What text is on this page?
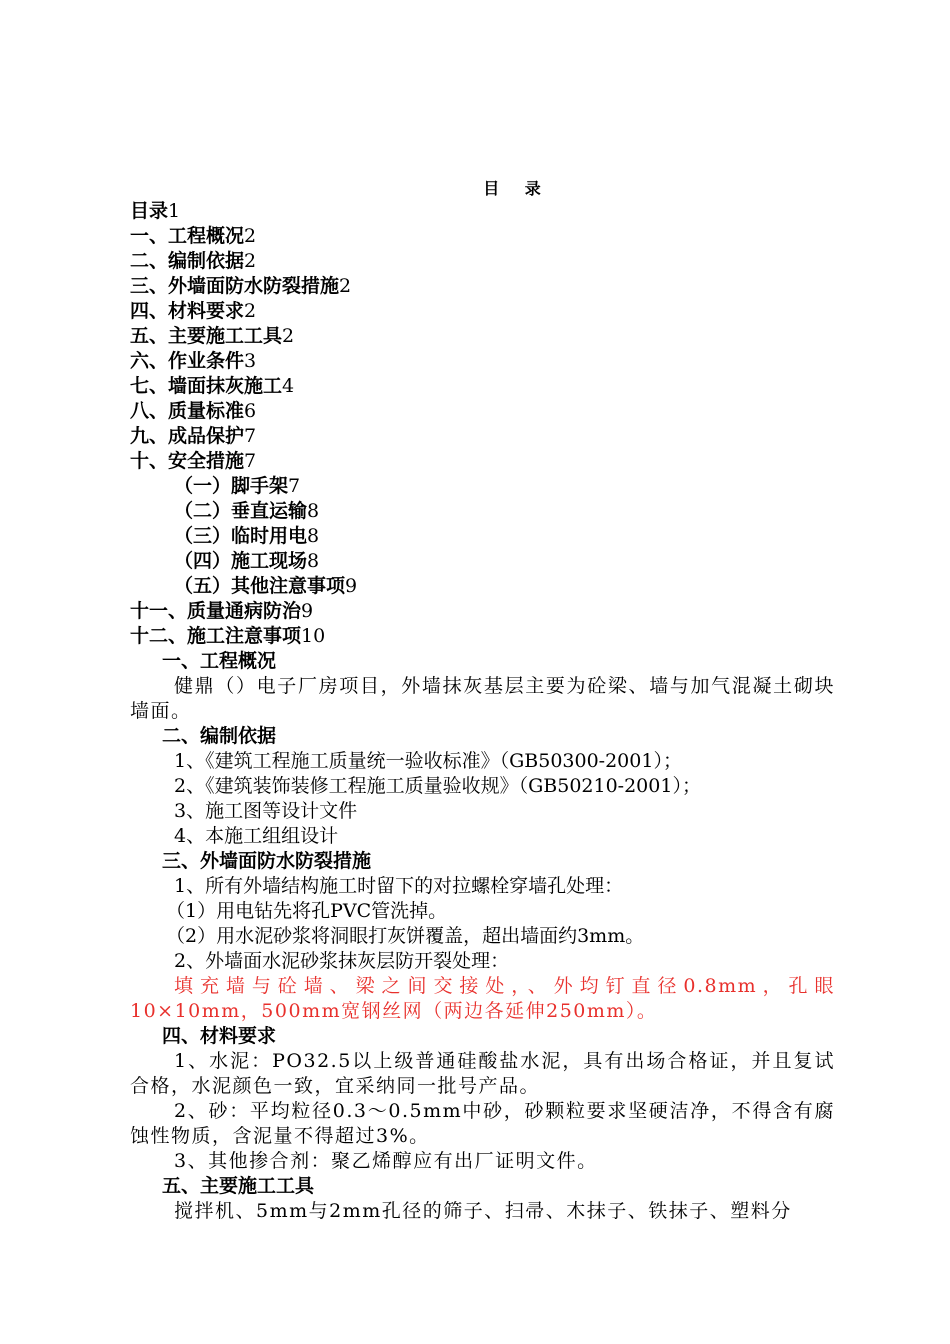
目 录
目录1
一、工程概况2
二、编制依据2
三、外墙面防水防裂措施2
四、材料要求2
五、主要施工工具2
六、作业条件3
七、墙面抹灰施工4
八、质量标准6
九、成品保护7
十、安全措施7
（一）脚手架7
（二）垂直运输8
（三）临时用电8
（四）施工现场8
（五）其他注意事项9
十一、质量通病防治9
十二、施工注意事项10
一、工程概况
健鼎（）电子厂房项目，外墙抹灰基层主要为砼梁、墙与加气混凝土砌块墙面。
二、编制依据
1、《建筑工程施工质量统一验收标准》（GB50300-2001）；
2、《建筑装饰装修工程施工质量验收规》（GB50210-2001）；
3、施工图等设计文件
4、本施工组组设计
三、外墙面防水防裂措施
1、所有外墙结构施工时留下的对拉螺栓穿墙孔处理：
（1）用电钻先将孔PVC管洗掉。
（2）用水泥砂浆将洞眼打灰饼覆盖，超出墙面约3mm。
2、外墙面水泥砂浆抹灰层防开裂处理：
填充墙与砼墙、梁之间交接处，、外均钉直径0.8mm，孔眼10×10mm，500mm宽钢丝网（两边各延伸250mm）。
四、材料要求
1、水泥：PO32.5以上级普通硅酸盐水泥，具有出场合格证，并且复试合格，水泥颜色一致，宜采纳同一批号产品。
2、砂：平均粒径0.3～0.5mm中砂，砂颗粒要求坚硬洁净，不得含有腐蚀性物质，含泥量不得超过3%。
3、其他掺合剂：聚乙烯醇应有出厂证明文件。
五、主要施工工具
搅拌机、5mm与2mm孔径的筛子、扫帚、木抹子、铁抹子、塑料分
